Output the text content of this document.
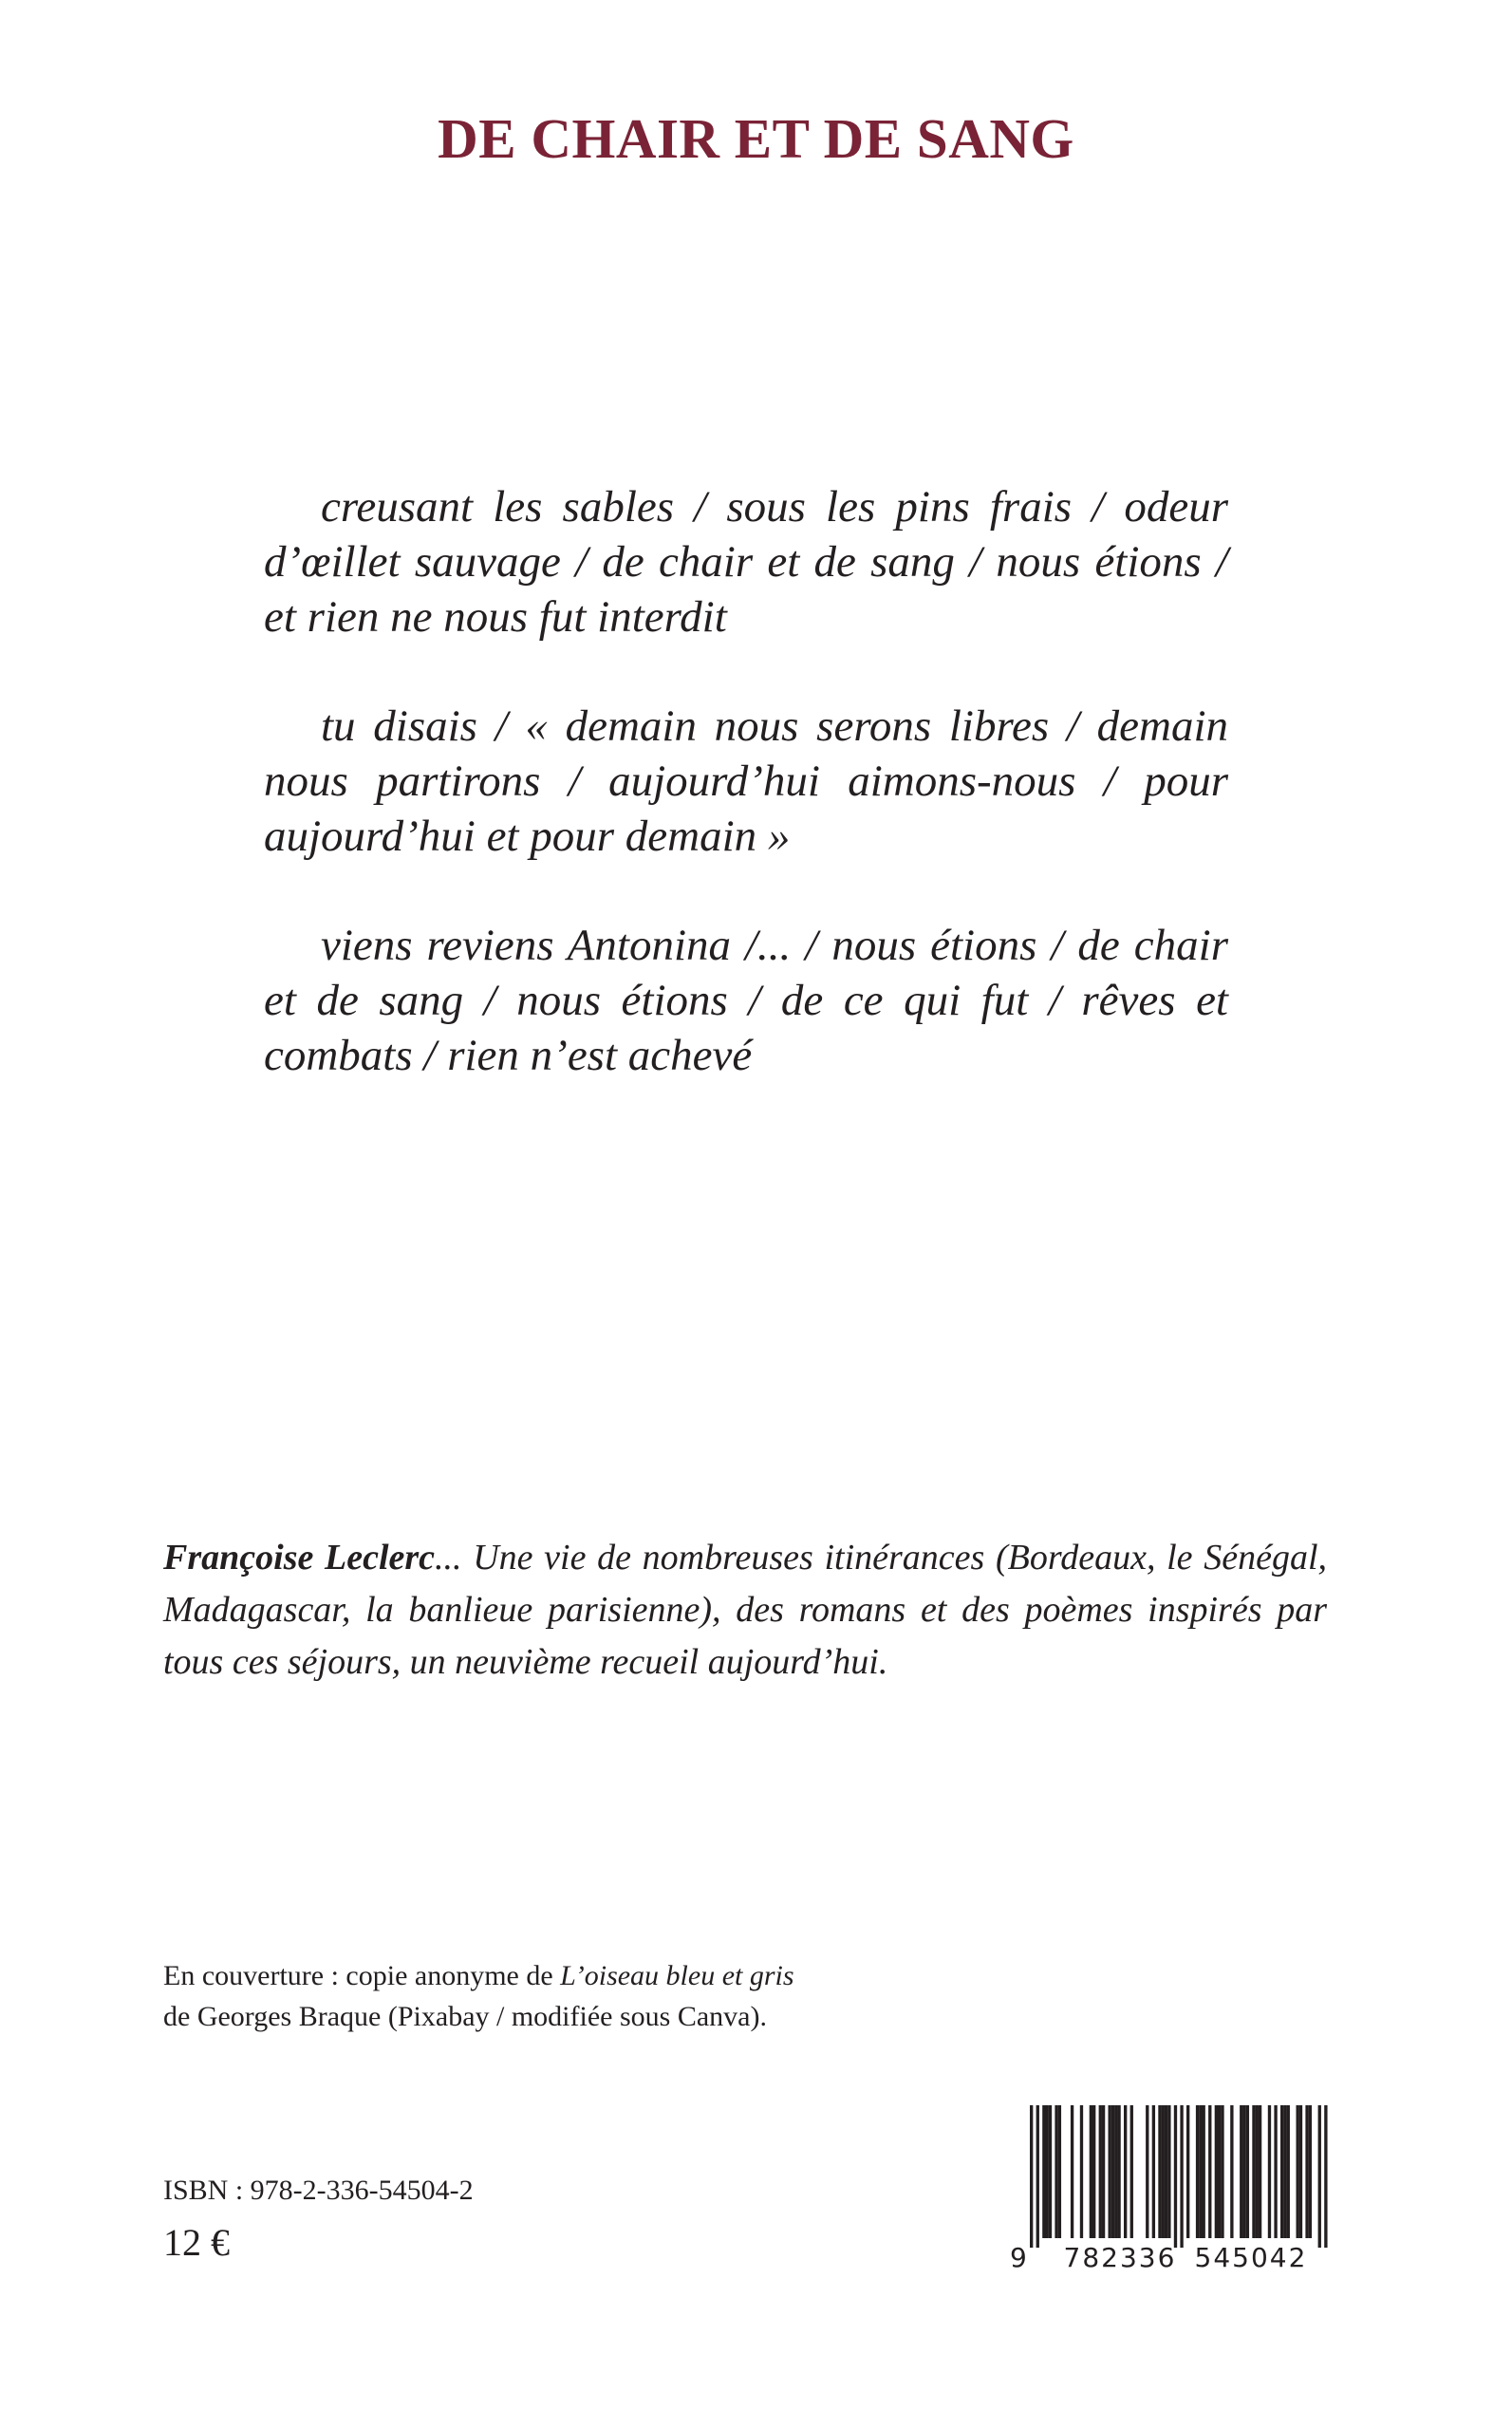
DE CHAIR ET DE SANG

creusant les sables / sous les pins frais / odeur d’œillet sauvage / de chair et de sang / nous étions / et rien ne nous fut interdit

tu disais / « demain nous serons libres / demain nous partirons / aujourd’hui aimons-nous / pour aujourd’hui et pour demain »

viens reviens Antonina /... / nous étions / de chair et de sang / nous étions / de ce qui fut / rêves et combats / rien n’est achevé

Françoise Leclerc... Une vie de nombreuses itinérances (Bordeaux, le Sénégal, Madagascar, la banlieue parisienne), des romans et des poèmes inspirés par tous ces séjours, un neuvième recueil aujourd’hui.

En couverture : copie anonyme de L’oiseau bleu et gris
de Georges Braque (Pixabay / modifiée sous Canva).

ISBN : 978-2-336-54504-2
12 €	9 782336 545042
